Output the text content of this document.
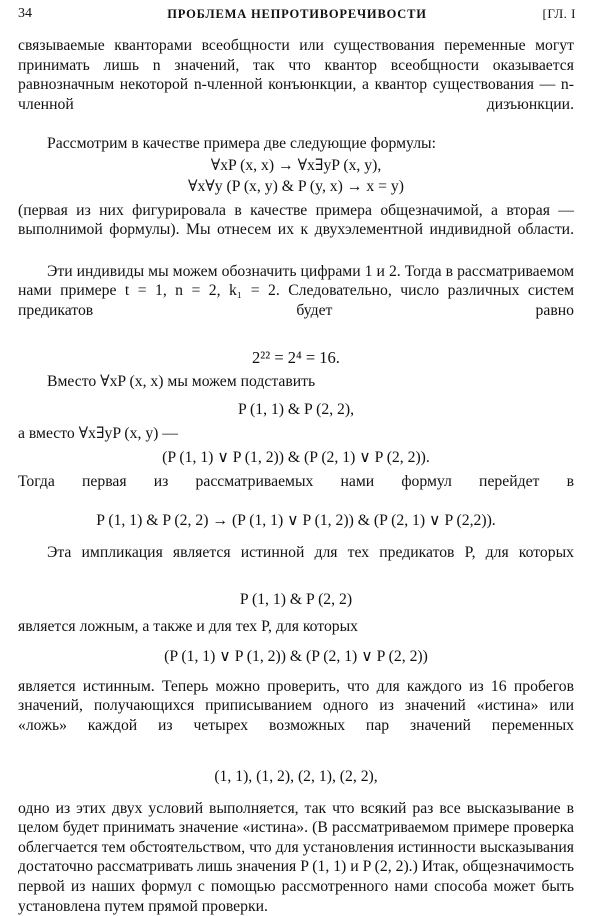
34	ПРОБЛЕМА НЕПРОТИВОРЕЧИВОСТИ	[ГЛ. I

связываемые кванторами всеобщности или существования переменные могут принимать лишь n значений, так что квантор всеобщности оказывается равнозначным некоторой n-членной конъюнкции, а квантор существования — n-членной дизъюнкции.

Рассмотрим в качестве примера две следующие формулы:

∀xP (x, x) → ∀x∃yP (x, y),

∀x∀y (P (x, y) & P (y, x) → x = y)

(первая из них фигурировала в качестве примера общезначимой, а вторая — выполнимой формулы). Мы отнесем их к двухэлементной индивидной области.

Эти индивиды мы можем обозначить цифрами 1 и 2. Тогда в рассматриваемом нами примере t = 1, n = 2, k₁ = 2. Следовательно, число различных систем предикатов будет равно

2²² = 2⁴ = 16.

Вместо ∀xP (x, x) мы можем подставить

P (1, 1) & P (2, 2),

а вместо ∀x∃yP (x, y) —

(P (1, 1) ∨ P (1, 2)) & (P (2, 1) ∨ P (2, 2)).

Тогда первая из рассматриваемых нами формул перейдет в

P (1, 1) & P (2, 2) → (P (1, 1) ∨ P (1, 2)) & (P (2, 1) ∨ P (2,2)).

Эта импликация является истинной для тех предикатов P, для которых

P (1, 1) & P (2, 2)

является ложным, а также и для тех P, для которых

(P (1, 1) ∨ P (1, 2)) & (P (2, 1) ∨ P (2, 2))

является истинным. Теперь можно проверить, что для каждого из 16 пробегов значений, получающихся приписыванием одного из значений «истина» или «ложь» каждой из четырех возможных пар значений переменных

(1, 1), (1, 2), (2, 1), (2, 2),

одно из этих двух условий выполняется, так что всякий раз все высказывание в целом будет принимать значение «истина». (В рассматриваемом примере проверка облегчается тем обстоятельством, что для установления истинности высказывания достаточно рассматривать лишь значения P (1, 1) и P (2, 2).) Итак, общезначимость первой из наших формул с помощью рассмотренного нами способа может быть установлена путем прямой проверки.
